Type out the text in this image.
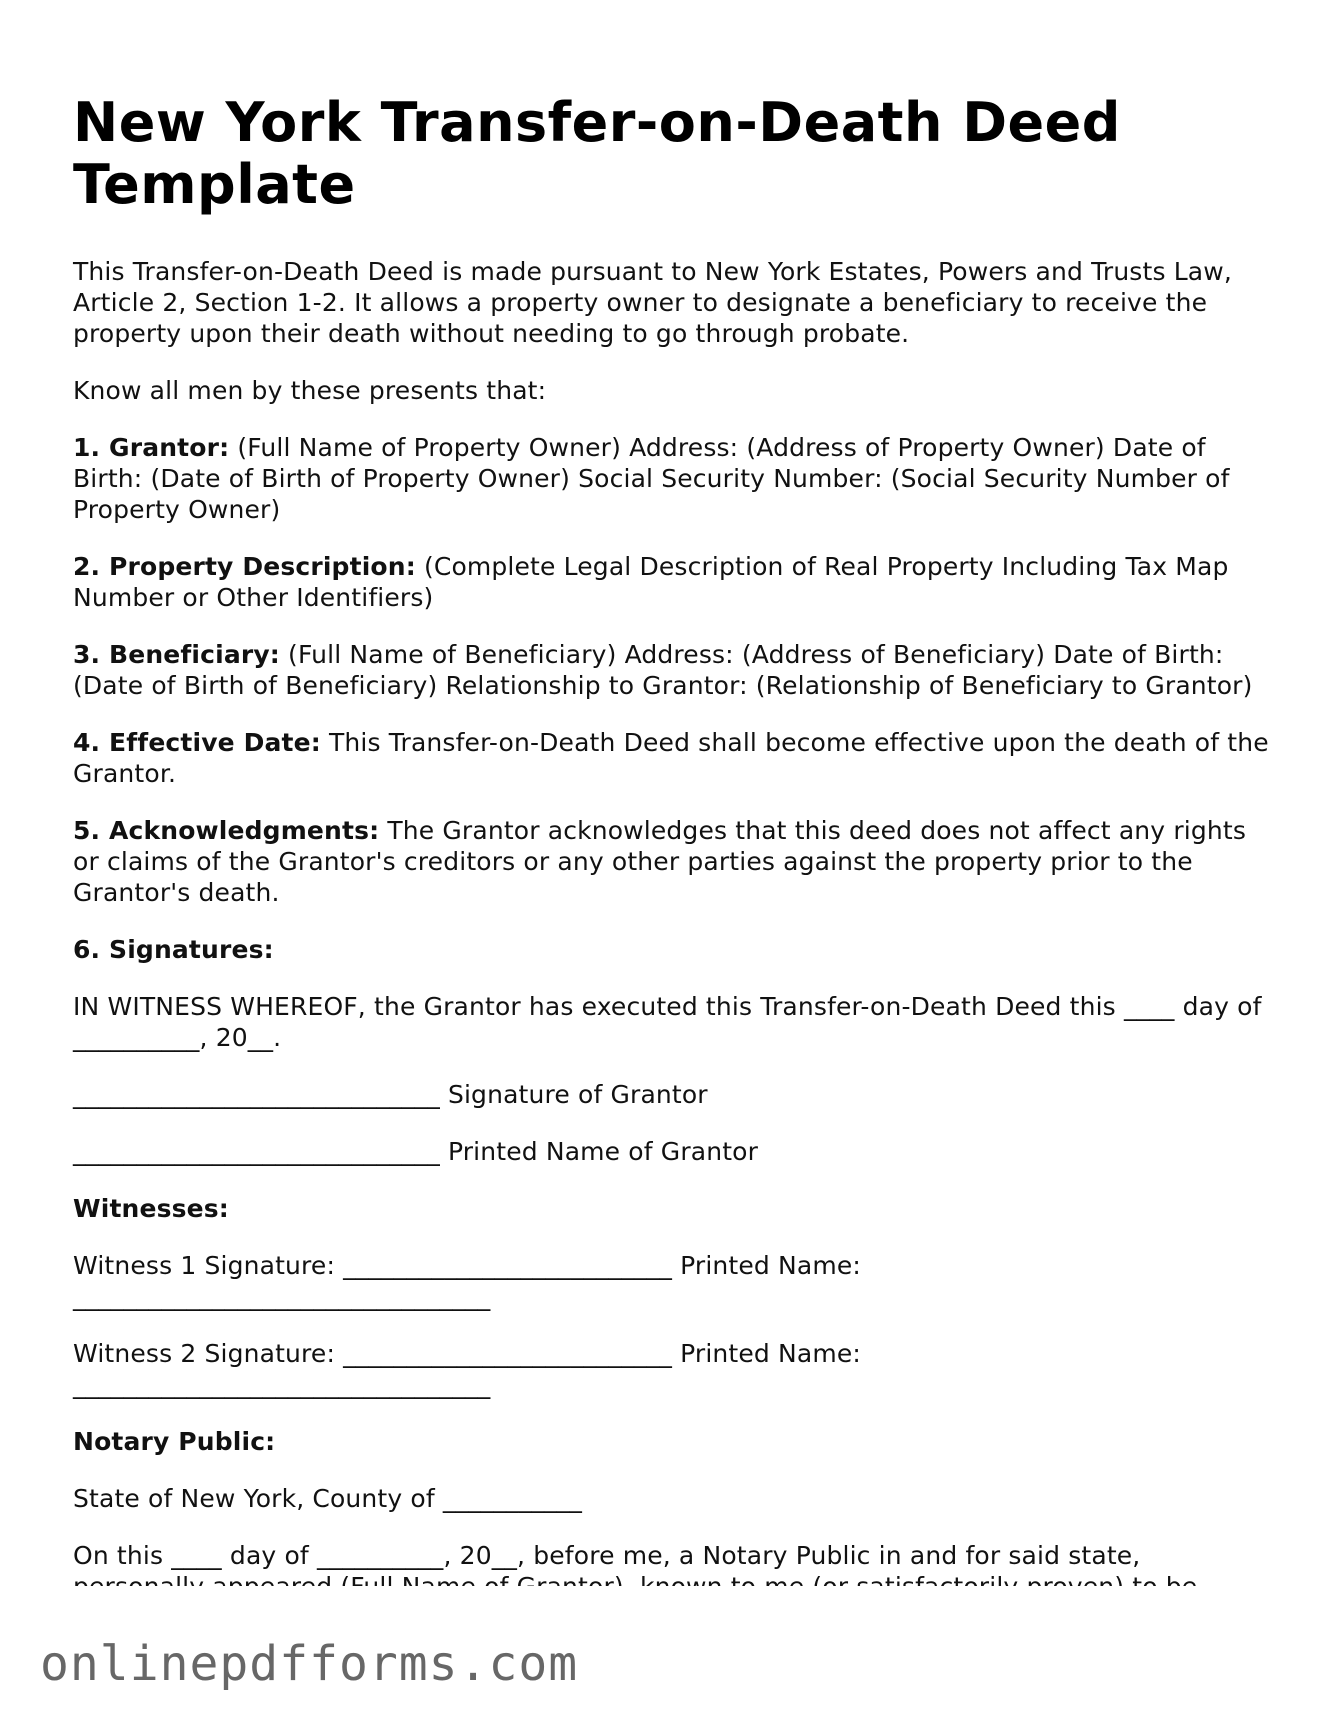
New York Transfer-on-Death Deed Template

This Transfer-on-Death Deed is made pursuant to New York Estates, Powers and Trusts Law, Article 2, Section 1-2. It allows a property owner to designate a beneficiary to receive the property upon their death without needing to go through probate.

Know all men by these presents that:

1. Grantor: (Full Name of Property Owner) Address: (Address of Property Owner) Date of Birth: (Date of Birth of Property Owner) Social Security Number: (Social Security Number of Property Owner)

2. Property Description: (Complete Legal Description of Real Property Including Tax Map Number or Other Identifiers)

3. Beneficiary: (Full Name of Beneficiary) Address: (Address of Beneficiary) Date of Birth: (Date of Birth of Beneficiary) Relationship to Grantor: (Relationship of Beneficiary to Grantor)

4. Effective Date: This Transfer-on-Death Deed shall become effective upon the death of the Grantor.

5. Acknowledgments: The Grantor acknowledges that this deed does not affect any rights or claims of the Grantor's creditors or any other parties against the property prior to the Grantor's death.

6. Signatures:

IN WITNESS WHEREOF, the Grantor has executed this Transfer-on-Death Deed this ____ day of __________, 20__.

_____________________________ Signature of Grantor

_____________________________ Printed Name of Grantor

Witnesses:

Witness 1 Signature: __________________________ Printed Name: _________________________________

Witness 2 Signature: __________________________ Printed Name: _________________________________

Notary Public:

State of New York, County of ___________

On this ____ day of __________, 20__, before me, a Notary Public in and for said state,

onlinepdfforms.com
